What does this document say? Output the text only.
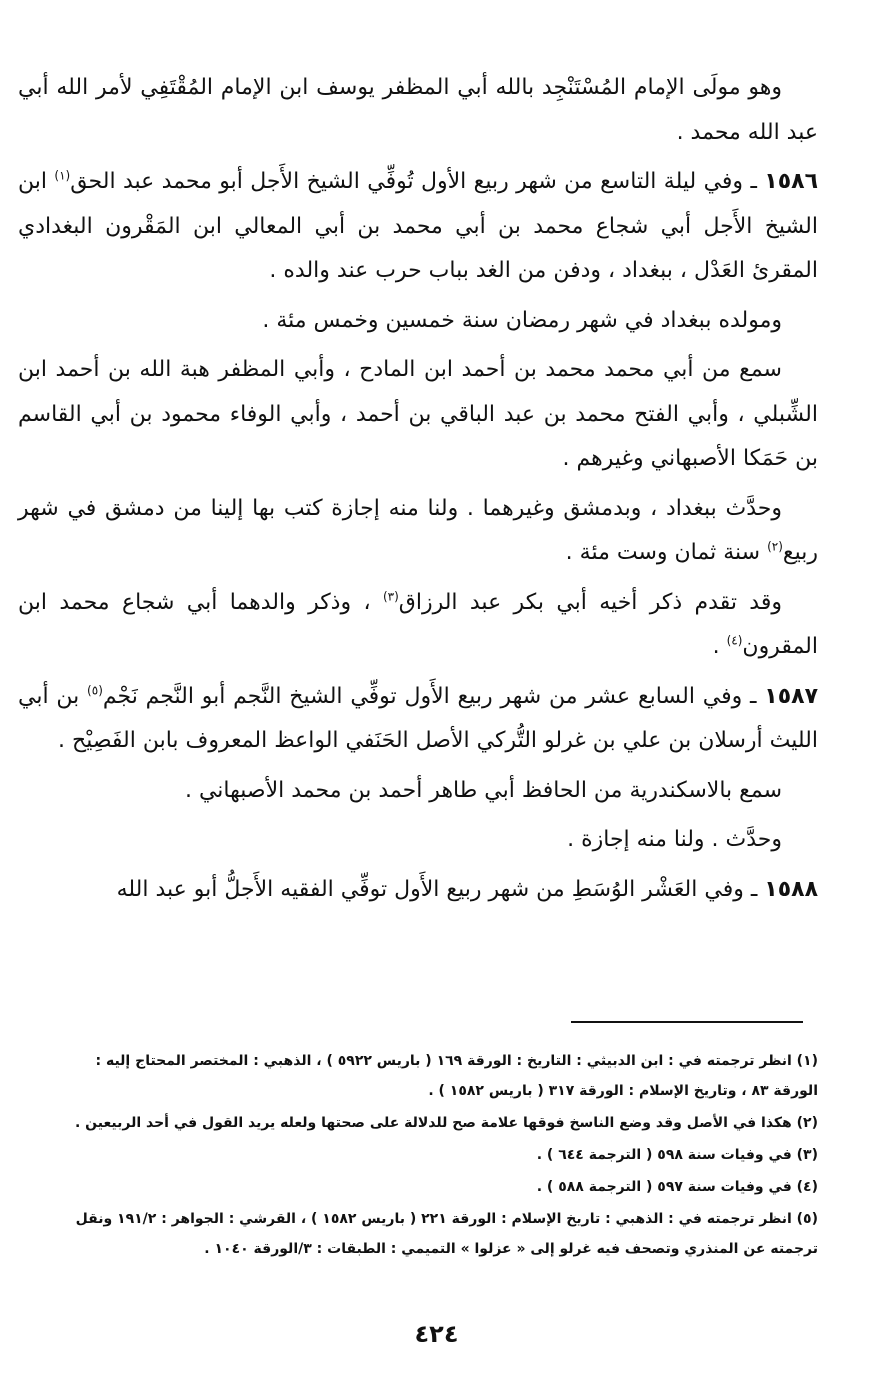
وهو مولَى الإمام المُسْتَنْجِد بالله أبي المظفر يوسف ابن الإمام المُقْتَفِي لأمر الله أبي عبد الله محمد .

١٥٨٦ ـ وفي ليلة التاسع من شهر ربيع الأول تُوفِّي الشيخ الأَجل أبو محمد عبد الحق$^{(١)}$ ابن الشيخ الأَجل أبي شجاع محمد بن أبي محمد بن أبي المعالي ابن المَقْرون البغدادي المقرئ العَدْل ، ببغداد ، ودفن من الغد بباب حرب عند والده .

ومولده ببغداد في شهر رمضان سنة خمسين وخمس مئة .

سمع من أبي محمد محمد بن أحمد ابن المادح ، وأبي المظفر هبة الله بن أحمد ابن الشِّبلي ، وأبي الفتح محمد بن عبد الباقي بن أحمد ، وأبي الوفاء محمود بن أبي القاسم بن حَمَكا الأصبهاني وغيرهم .

وحدَّث ببغداد ، وبدمشق وغيرهما . ولنا منه إجازة كتب بها إلينا من دمشق في شهر ربيع$^{(٢)}$ سنة ثمان وست مئة .

وقد تقدم ذكر أخيه أبي بكر عبد الرزاق$^{(٣)}$ ، وذكر والدهما أبي شجاع محمد ابن المقرون$^{(٤)}$ .

١٥٨٧ ـ وفي السابع عشر من شهر ربيع الأَول توفِّي الشيخ النَّجم أبو النَّجم نَجْم$^{(٥)}$ بن أبي الليث أرسلان بن علي بن غرلو التُّركي الأصل الحَنَفي الواعظ المعروف بابن الفَصِيْح .

سمع بالاسكندرية من الحافظ أبي طاهر أحمد بن محمد الأصبهاني .

وحدَّث . ولنا منه إجازة .

١٥٨٨ ـ وفي العَشْر الوُسَطِ من شهر ربيع الأَول توفِّي الفقيه الأَجلُّ أبو عبد الله

(١) انظر ترجمته في : ابن الدبيثي : التاريخ : الورقة ١٦٩ ( باريس ٥٩٢٢ ) ، الذهبي : المختصر المحتاج إليه : الورقة ٨٣ ، وتاريخ الإسلام : الورقة ٣١٧ ( باريس ١٥٨٢ ) .

(٢) هكذا في الأصل وقد وضع الناسخ فوقها علامة صح للدلالة على صحتها ولعله يريد القول في أحد الربيعين .

(٣) في وفيات سنة ٥٩٨ ( الترجمة ٦٤٤ ) .

(٤) في وفيات سنة ٥٩٧ ( الترجمة ٥٨٨ ) .

(٥) انظر ترجمته في : الذهبي : تاريخ الإسلام : الورقة ٢٢١ ( باريس ١٥٨٢ ) ، القرشي : الجواهر : ١٩١/٢ ونقل ترجمته عن المنذري وتصحف فيه غرلو إلى « عزلوا » التميمي : الطبقات : ٣/الورقة ١٠٤٠ .

٤٢٤
